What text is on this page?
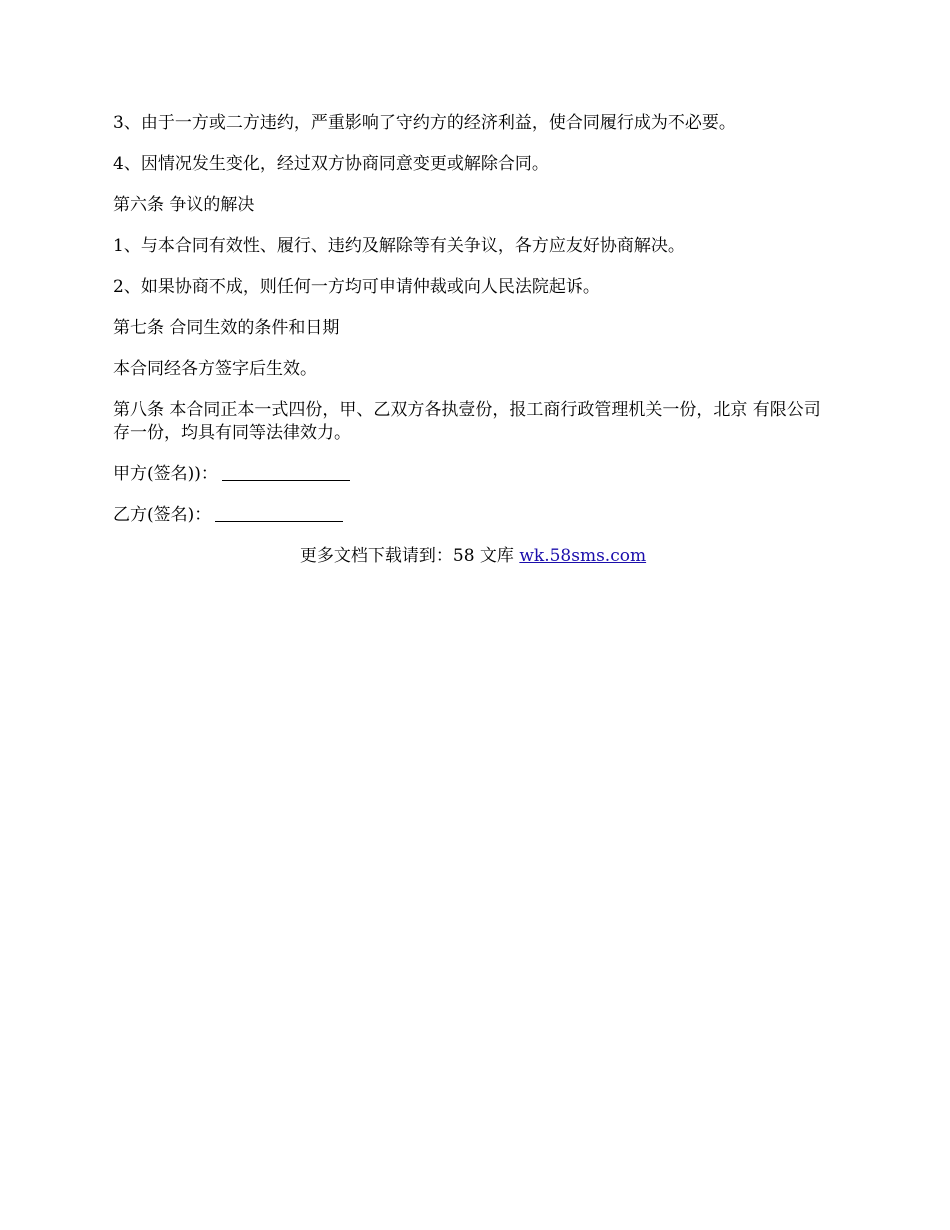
3、由于一方或二方违约，严重影响了守约方的经济利益，使合同履行成为不必要。

4、因情况发生变化，经过双方协商同意变更或解除合同。

第六条 争议的解决

1、与本合同有效性、履行、违约及解除等有关争议，各方应友好协商解决。

2、如果协商不成，则任何一方均可申请仲裁或向人民法院起诉。

第七条 合同生效的条件和日期

本合同经各方签字后生效。

第八条 本合同正本一式四份，甲、乙双方各执壹份，报工商行政管理机关一份，北京 有限公司存一份，均具有同等法律效力。

甲方(签名))：

乙方(签名)：

更多文档下载请到：58 文库 wk.58sms.com
